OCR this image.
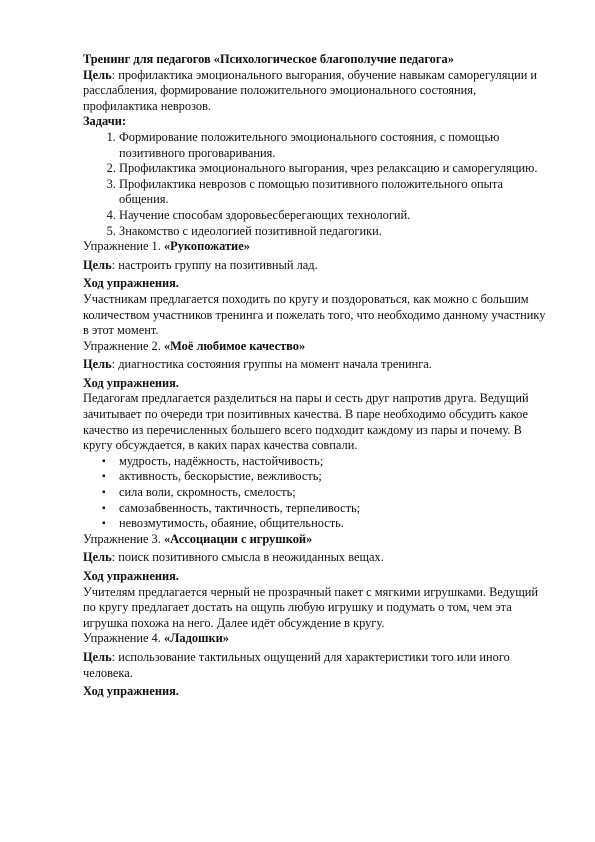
Тренинг для педагогов «Психологическое благополучие педагога»

Цель: профилактика эмоционального выгорания, обучение навыкам саморегуляции и расслабления, формирование положительного эмоционального состояния, профилактика неврозов.

Задачи:

1. Формирование положительного эмоционального состояния, с помощью позитивного проговаривания.
2. Профилактика эмоционального выгорания, чрез релаксацию и саморегуляцию.
3. Профилактика неврозов с помощью позитивного положительного опыта общения.
4. Научение способам здоровьесберегающих технологий.
5. Знакомство с идеологией позитивной педагогики.

Упражнение 1. «Рукопожатие»

Цель: настроить группу на позитивный лад.

Ход упражнения.

Участникам предлагается походить по кругу и поздороваться, как можно с большим количеством участников тренинга и пожелать того, что необходимо данному участнику в этот момент.

Упражнение 2. «Моё любимое качество»

Цель: диагностика состояния группы на момент начала тренинга.

Ход упражнения.

Педагогам предлагается разделиться на пары и сесть друг напротив друга. Ведущий зачитывает по очереди три позитивных качества. В паре необходимо обсудить какое качество из перечисленных большего всего подходит каждому из пары и почему. В кругу обсуждается, в каких парах качества совпали.

▪ мудрость, надёжность, настойчивость;
▪ активность, бескорыстие, вежливость;
▪ сила воли, скромность, смелость;
▪ самозабвенность, тактичность, терпеливость;
▪ невозмутимость, обаяние, общительность.

Упражнение 3. «Ассоциации с игрушкой»

Цель: поиск позитивного смысла в неожиданных вещах.

Ход упражнения.

Учителям предлагается черный не прозрачный пакет с мягкими игрушками. Ведущий по кругу предлагает достать на ощупь любую игрушку и подумать о том, чем эта игрушка похожа на него. Далее идёт обсуждение в кругу.

Упражнение 4. «Ладошки»

Цель: использование тактильных ощущений для характеристики того или иного человека.

Ход упражнения.
